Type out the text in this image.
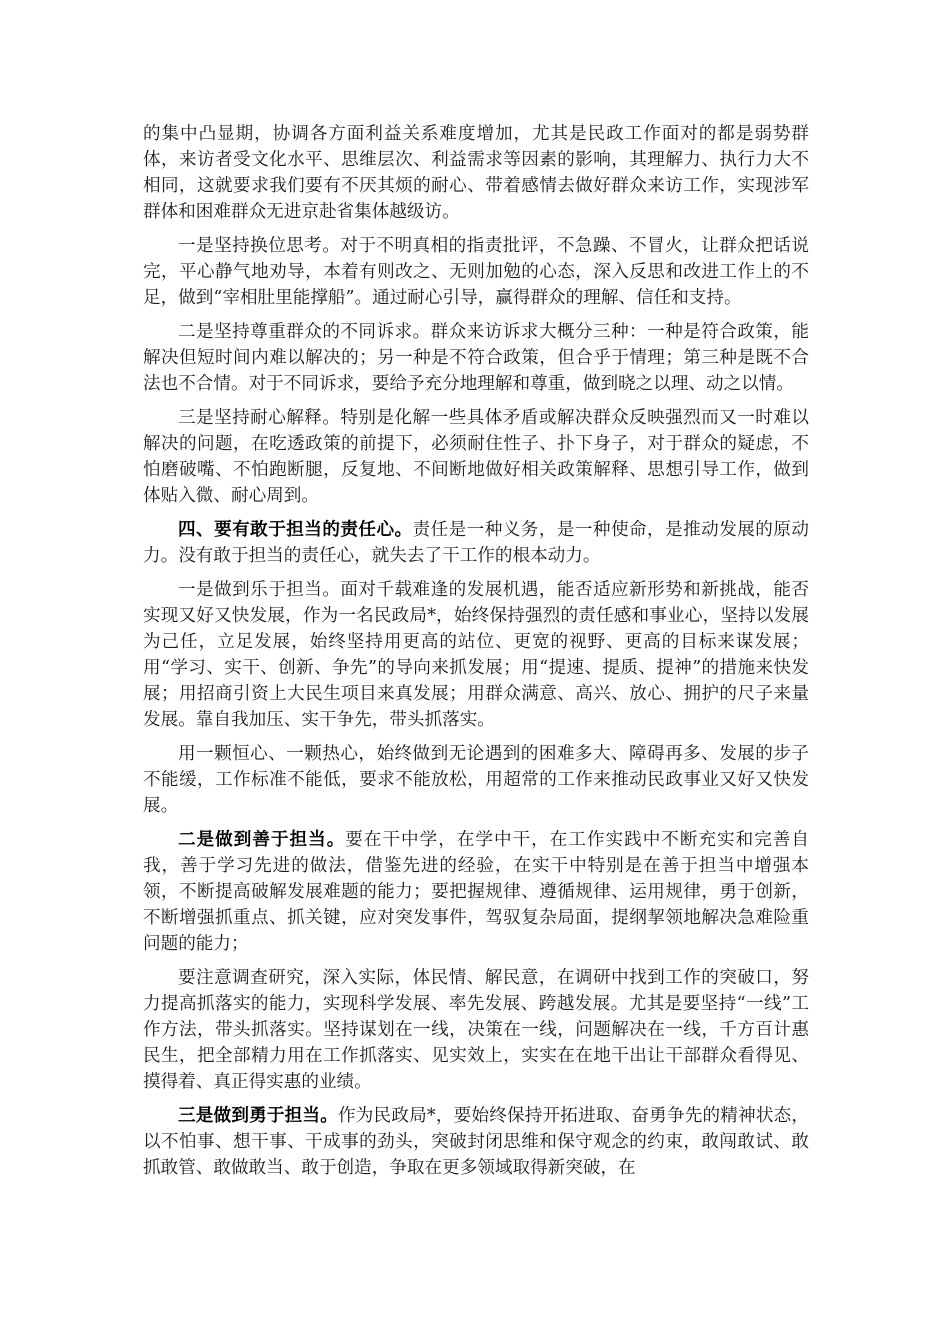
的集中凸显期，协调各方面利益关系难度增加，尤其是民政工作面对的都是弱势群体，来访者受文化水平、思维层次、利益需求等因素的影响，其理解力、执行力大不相同，这就要求我们要有不厌其烦的耐心、带着感情去做好群众来访工作，实现涉军群体和困难群众无进京赴省集体越级访。

一是坚持换位思考。对于不明真相的指责批评，不急躁、不冒火，让群众把话说完，平心静气地劝导，本着有则改之、无则加勉的心态，深入反思和改进工作上的不足，做到“宰相肚里能撑船”。通过耐心引导，赢得群众的理解、信任和支持。

二是坚持尊重群众的不同诉求。群众来访诉求大概分三种：一种是符合政策，能解决但短时间内难以解决的；另一种是不符合政策，但合乎于情理；第三种是既不合法也不合情。对于不同诉求，要给予充分地理解和尊重，做到晓之以理、动之以情。

三是坚持耐心解释。特别是化解一些具体矛盾或解决群众反映强烈而又一时难以解决的问题，在吃透政策的前提下，必须耐住性子、扑下身子，对于群众的疑虑，不怕磨破嘴、不怕跑断腿，反复地、不间断地做好相关政策解释、思想引导工作，做到体贴入微、耐心周到。

四、要有敢于担当的责任心。责任是一种义务，是一种使命，是推动发展的原动力。没有敢于担当的责任心，就失去了干工作的根本动力。

一是做到乐于担当。面对千载难逢的发展机遇，能否适应新形势和新挑战，能否实现又好又快发展，作为一名民政局*，始终保持强烈的责任感和事业心，坚持以发展为己任，立足发展，始终坚持用更高的站位、更宽的视野、更高的目标来谋发展；用“学习、实干、创新、争先”的导向来抓发展；用“提速、提质、提神”的措施来快发展；用招商引资上大民生项目来真发展；用群众满意、高兴、放心、拥护的尺子来量发展。靠自我加压、实干争先，带头抓落实。

用一颗恒心、一颗热心，始终做到无论遇到的困难多大、障碍再多、发展的步子不能缓，工作标准不能低，要求不能放松，用超常的工作来推动民政事业又好又快发展。

二是做到善于担当。要在干中学，在学中干，在工作实践中不断充实和完善自我，善于学习先进的做法，借鉴先进的经验，在实干中特别是在善于担当中增强本领，不断提高破解发展难题的能力；要把握规律、遵循规律、运用规律，勇于创新，不断增强抓重点、抓关键，应对突发事件，驾驭复杂局面，提纲挈领地解决急难险重问题的能力；

要注意调查研究，深入实际，体民情、解民意，在调研中找到工作的突破口，努力提高抓落实的能力，实现科学发展、率先发展、跨越发展。尤其是要坚持“一线”工作方法，带头抓落实。坚持谋划在一线，决策在一线，问题解决在一线，千方百计惠民生，把全部精力用在工作抓落实、见实效上，实实在在地干出让干部群众看得见、摸得着、真正得实惠的业绩。

三是做到勇于担当。作为民政局*，要始终保持开拓进取、奋勇争先的精神状态，以不怕事、想干事、干成事的劲头，突破封闭思维和保守观念的约束，敢闯敢试、敢抓敢管、敢做敢当、敢于创造，争取在更多领域取得新突破，在
